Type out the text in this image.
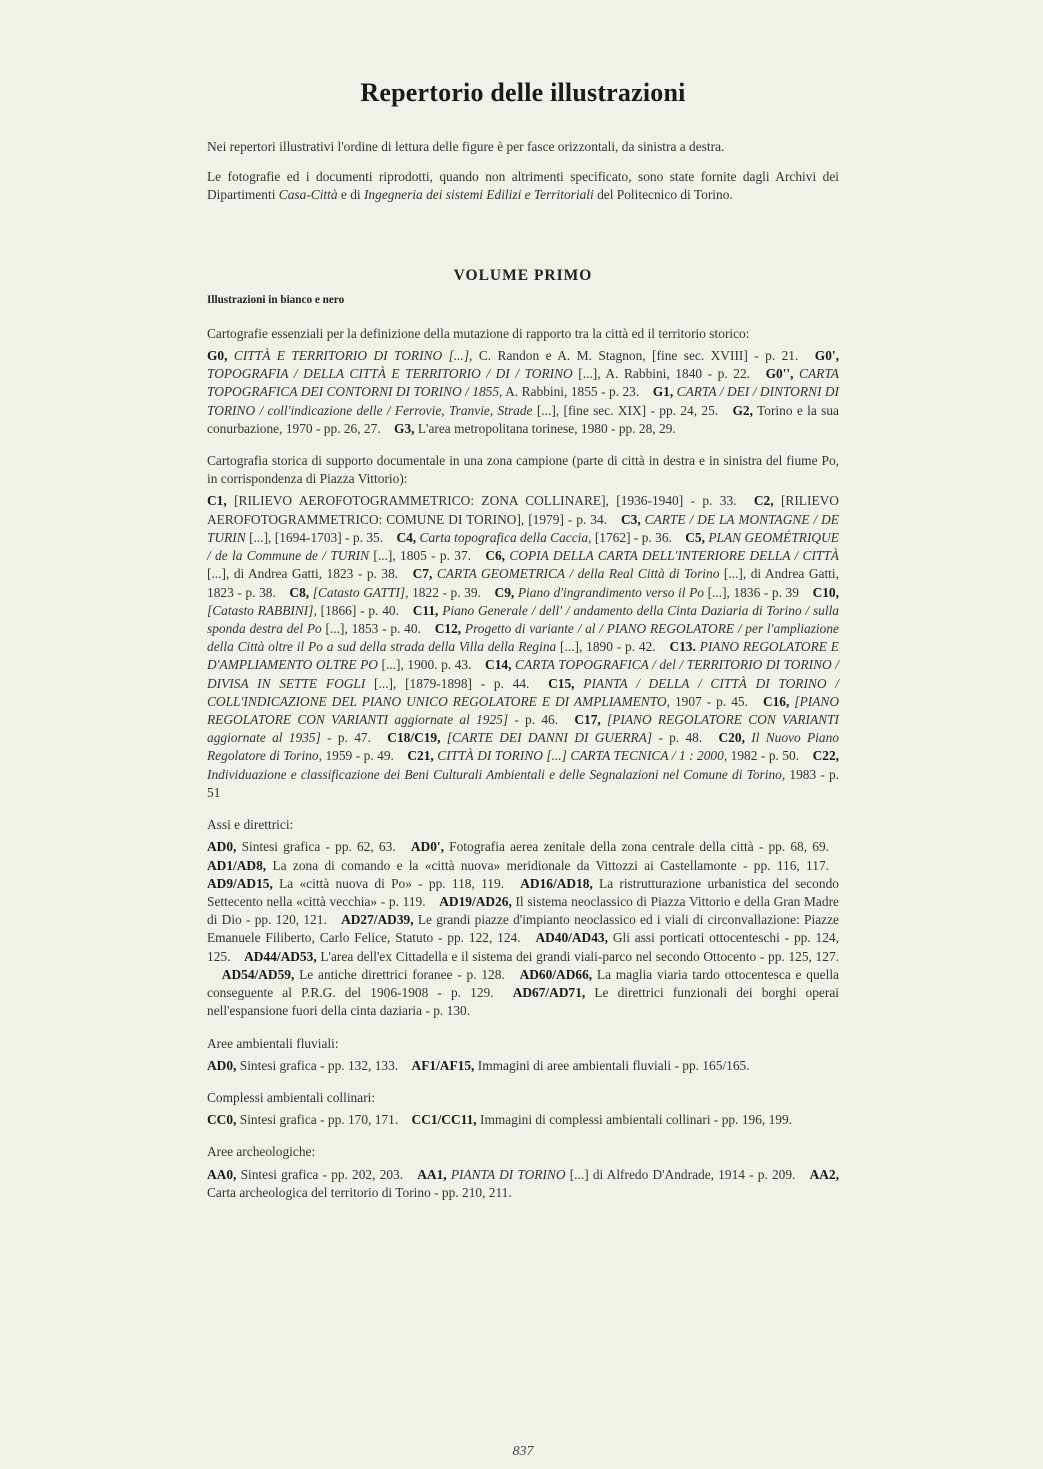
Repertorio delle illustrazioni

Nei repertori illustrativi l'ordine di lettura delle figure è per fasce orizzontali, da sinistra a destra.

Le fotografie ed i documenti riprodotti, quando non altrimenti specificato, sono state fornite dagli Archivi dei Dipartimenti Casa-Città e di Ingegneria dei sistemi Edilizi e Territoriali del Politecnico di Torino.

VOLUME PRIMO
Illustrazioni in bianco e nero

Cartografie essenziali per la definizione della mutazione di rapporto tra la città ed il territorio storico:

G0, CITTÀ E TERRITORIO DI TORINO [...], C. Randon e A. M. Stagnon, [fine sec. XVIII] - p. 21. G0', TOPOGRAFIA / DELLA CITTÀ E TERRITORIO / DI / TORINO [...], A. Rabbini, 1840 - p. 22. G0'', CARTA TOPOGRAFICA DEI CONTORNI DI TORINO / 1855, A. Rabbini, 1855 - p. 23. G1, CARTA / DEI / DINTORNI DI TORINO / coll'indicazione delle / Ferrovie, Tranvie, Strade [...], [fine sec. XIX] - pp. 24, 25. G2, Torino e la sua conurbazione, 1970 - pp. 26, 27. G3, L'area metropolitana torinese, 1980 - pp. 28, 29.

Cartografia storica di supporto documentale in una zona campione (parte di città in destra e in sinistra del fiume Po, in corrispondenza di Piazza Vittorio):

C1, [RILIEVO AEROFOTOGRAMMETRICO: ZONA COLLINARE], [1936-1940] - p. 33. C2, [RILIEVO AEROFOTOGRAMMETRICO: COMUNE DI TORINO], [1979] - p. 34. C3, CARTE / DE LA MONTAGNE / DE TURIN [...], [1694-1703] - p. 35. C4, Carta topografica della Caccia, [1762] - p. 36. C5, PLAN GEOMÉTRIQUE / de la Commune de / TURIN [...], 1805 - p. 37. C6, COPIA DELLA CARTA DELL'INTERIORE DELLA / CITTÀ [...], di Andrea Gatti, 1823 - p. 38. C7, CARTA GEOMETRICA / della Real Città di Torino [...], di Andrea Gatti, 1823 - p. 38. C8, [Catasto GATTI], 1822 - p. 39. C9, Piano d'ingrandimento verso il Po [...], 1836 - p. 39 C10, [Catasto RABBINI], [1866] - p. 40. C11, Piano Generale / dell' / andamento della Cinta Daziaria di Torino / sulla sponda destra del Po [...], 1853 - p. 40. C12, Progetto di variante / al / PIANO REGOLATORE / per l'ampliazione della Città oltre il Po a sud della strada della Villa della Regina [...], 1890 - p. 42. C13. PIANO REGOLATORE E D'AMPLIAMENTO OLTRE PO [...], 1900. p. 43. C14, CARTA TOPOGRAFICA / del / TERRITORIO DI TORINO / DIVISA IN SETTE FOGLI [...], [1879-1898] - p. 44. C15, PIANTA / DELLA / CITTÀ DI TORINO / COLL'INDICAZIONE DEL PIANO UNICO REGOLATORE E DI AMPLIAMENTO, 1907 - p. 45. C16, [PIANO REGOLATORE CON VARIANTI aggiornate al 1925] - p. 46. C17, [PIANO REGOLATORE CON VARIANTI aggiornate al 1935] - p. 47. C18/C19, [CARTE DEI DANNI DI GUERRA] - p. 48. C20, Il Nuovo Piano Regolatore di Torino, 1959 - p. 49. C21, CITTÀ DI TORINO [...] CARTA TECNICA / 1 : 2000, 1982 - p. 50. C22, Individuazione e classificazione dei Beni Culturali Ambientali e delle Segnalazioni nel Comune di Torino, 1983 - p. 51

Assi e direttrici:

AD0, Sintesi grafica - pp. 62, 63. AD0', Fotografia aerea zenitale della zona centrale della città - pp. 68, 69. AD1/AD8, La zona di comando e la «città nuova» meridionale da Vittozzi ai Castellamonte - pp. 116, 117. AD9/AD15, La «città nuova di Po» - pp. 118, 119. AD16/AD18, La ristrutturazione urbanistica del secondo Settecento nella «città vecchia» - p. 119. AD19/AD26, Il sistema neoclassico di Piazza Vittorio e della Gran Madre di Dio - pp. 120, 121. AD27/AD39, Le grandi piazze d'impianto neoclassico ed i viali di circonvallazione: Piazze Emanuele Filiberto, Carlo Felice, Statuto - pp. 122, 124. AD40/AD43, Gli assi porticati ottocenteschi - pp. 124, 125. AD44/AD53, L'area dell'ex Cittadella e il sistema dei grandi viali-parco nel secondo Ottocento - pp. 125, 127. AD54/AD59, Le antiche direttrici foranee - p. 128. AD60/AD66, La maglia viaria tardo ottocentesca e quella conseguente al P.R.G. del 1906-1908 - p. 129. AD67/AD71, Le direttrici funzionali dei borghi operai nell'espansione fuori della cinta daziaria - p. 130.

Aree ambientali fluviali:

AD0, Sintesi grafica - pp. 132, 133. AF1/AF15, Immagini di aree ambientali fluviali - pp. 165/165.

Complessi ambientali collinari:

CC0, Sintesi grafica - pp. 170, 171. CC1/CC11, Immagini di complessi ambientali collinari - pp. 196, 199.

Aree archeologiche:

AA0, Sintesi grafica - pp. 202, 203. AA1, PIANTA DI TORINO [...] di Alfredo D'Andrade, 1914 - p. 209. AA2, Carta archeologica del territorio di Torino - pp. 210, 211.

837
